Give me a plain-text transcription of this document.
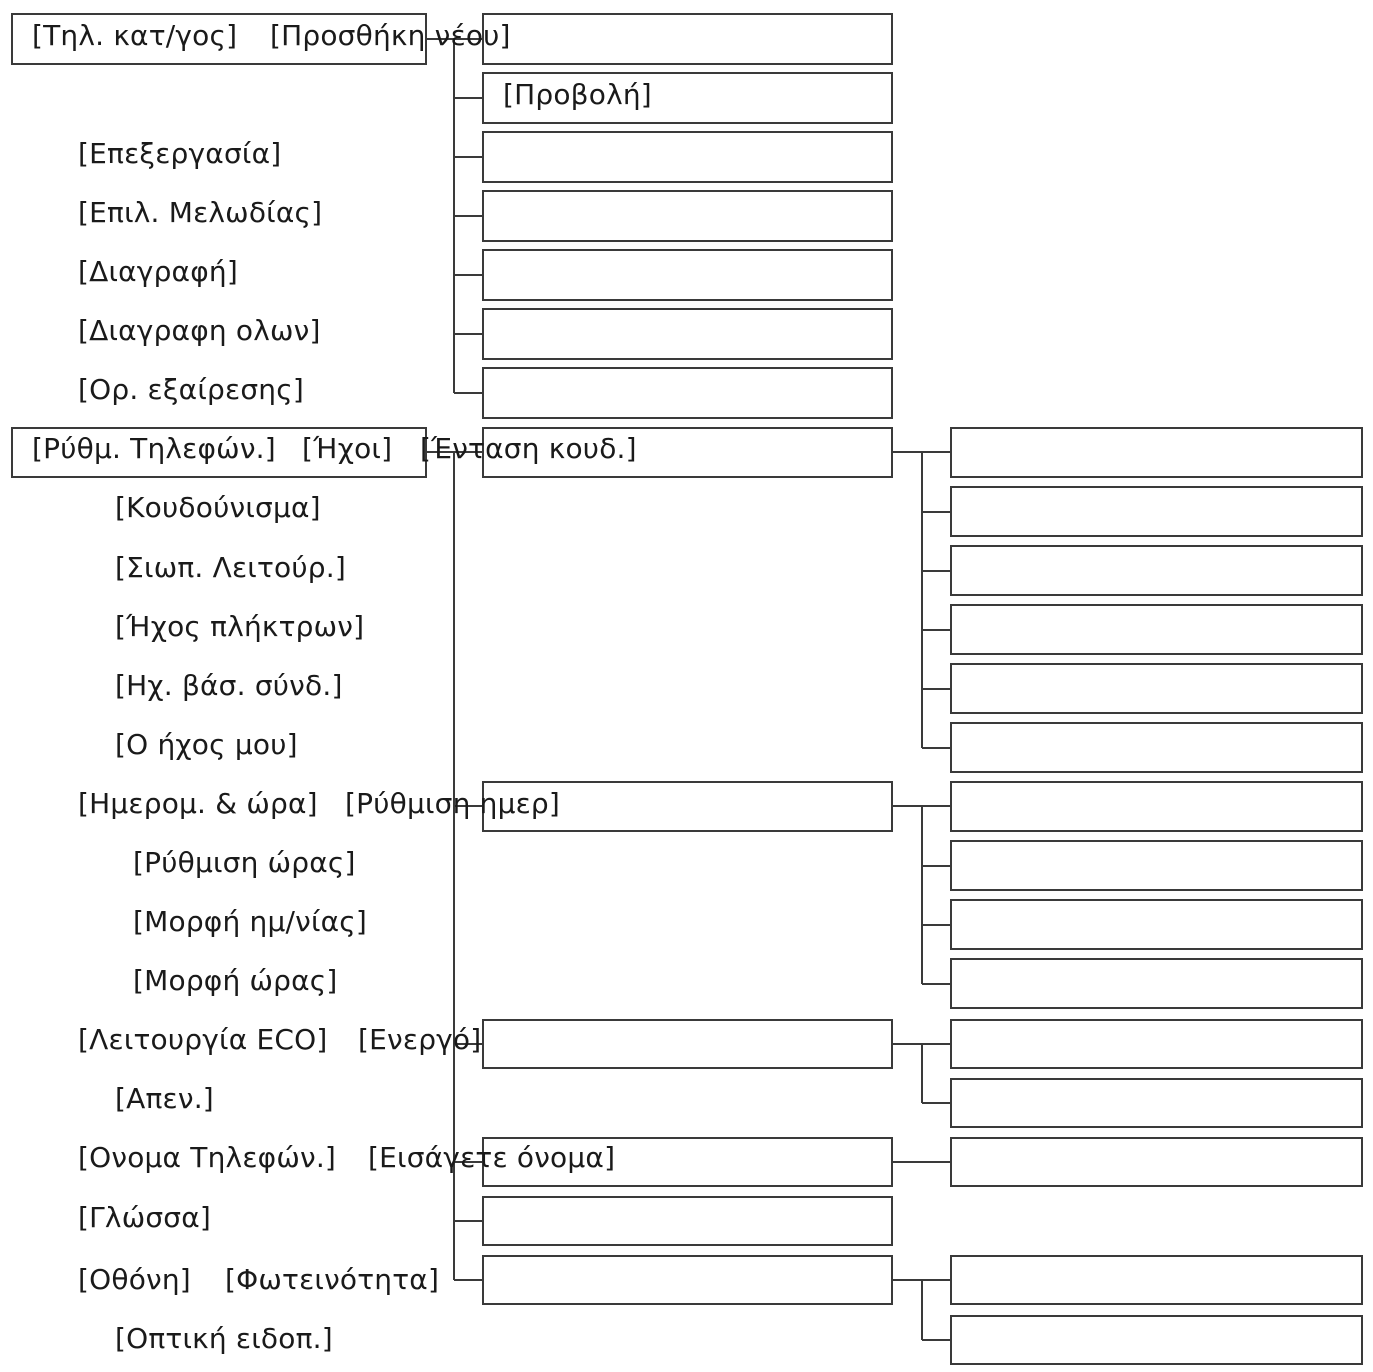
[Τηλ. κατ/γος] [Προσθήκη νέου]
[Προβολή]
[Επεξεργασία]
[Επιλ. Μελωδίας]
[Διαγραφή]
[Διαγραφη ολων]
[Ορ. εξαίρεσης]
[Ρύθμ. Τηλεφών.] [Ήχοι] [Ένταση κουδ.]
[Κουδούνισμα]
[Σιωπ. Λειτούρ.]
[Ήχος πλήκτρων]
[Ηχ. βάσ. σύνδ.]
[Ο ήχος μου]
[Ημερομ. & ώρα] [Ρύθμιση ημερ]
[Ρύθμιση ώρας]
[Μορφή ημ/νίας]
[Μορφή ώρας]
[Λειτουργία ECO] [Ενεργό]
[Απεν.]
[Ονομα Τηλεφών.] [Εισάγετε όνομα]
[Γλώσσα]
[Οθόνη] [Φωτεινότητα]
[Οπτική ειδοπ.]
